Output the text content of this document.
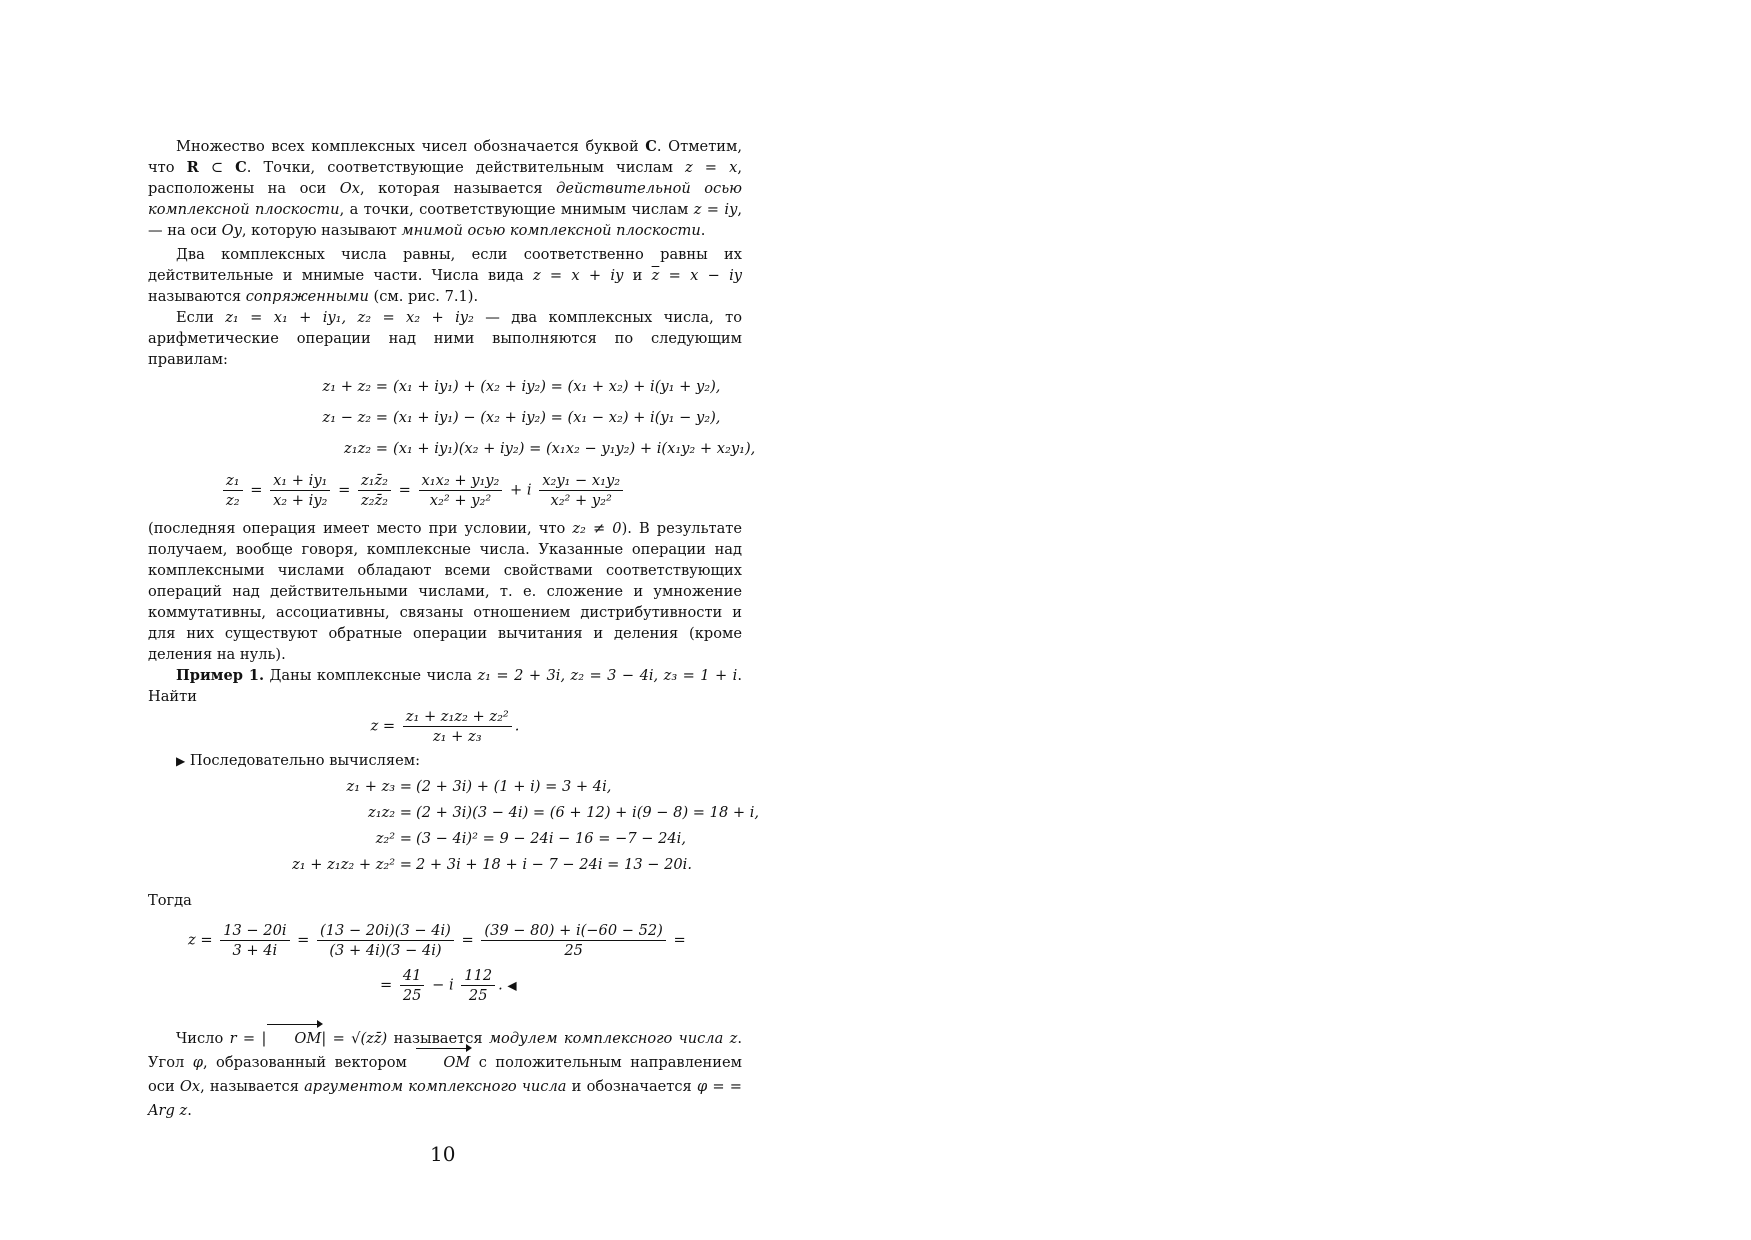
Множество всех комплексных чисел обозначается буквой C. Отметим, что R ⊂ C. Точки, соответствующие действительным числам z = x, расположены на оси Ox, которая называется действительной осью комплексной плоскости, а точки, соответствующие мнимым числам z = iy, — на оси Oy, которую называют мнимой осью комплексной плоскости.

Два комплексных числа равны, если соответственно равны их действительные и мнимые части. Числа вида z = x + iy и $\overline{z} = x$ − iy называются сопряженными (см. рис. 7.1).

Если z₁ = x₁ + iy₁, z₂ = x₂ + iy₂ — два комплексных числа, то арифметические операции над ними выполняются по следующим правилам:

z₁ + z₂ = (x₁ + iy₁) + (x₂ + iy₂) = (x₁ + x₂) + i(y₁ + y₂),
z₁ − z₂ = (x₁ + iy₁) − (x₂ + iy₂) = (x₁ − x₂) + i(y₁ − y₂),
z₁z₂ = (x₁ + iy₁)(x₂ + iy₂) = (x₁x₂ − y₁y₂) + i(x₁y₂ + x₂y₁),
$\frac{\text{z₁}}{\text{z₂}} = \frac{\text{x₁ + iy₁}}{\text{x₂ + iy₂}} = \frac{\text{z₁z̄₂}}{\text{z₂z̄₂}} = \frac{\text{x₁x₂ + y₁y₂}}{\text{x₂² + y₂²}} + i \frac{\text{x₂y₁ − x₁y₂}}{\text{x₂² + y₂²}}$

(последняя операция имеет место при условии, что z₂ ≠ 0). В результате получаем, вообще говоря, комплексные числа. Указанные операции над комплексными числами обладают всеми свойствами соответствующих операций над действительными числами, т. е. сложение и умножение коммутативны, ассоциативны, связаны отношением дистрибутивности и для них существуют обратные операции вычитания и деления (кроме деления на нуль).

Пример 1. Даны комплексные числа z₁ = 2 + 3i, z₂ = 3 − 4i, z₃ = 1 + i. Найти

$z = \frac{\text{z₁ + z₁z₂ + z₂²}}{\text{z₁ + z₃}}$ .

▶ Последовательно вычисляем:

z₁ + z₃ = (2 + 3i) + (1 + i) = 3 + 4i,
z₁z₂ = (2 + 3i)(3 − 4i) = (6 + 12) + i(9 − 8) = 18 + i,
z₂² = (3 − 4i)² = 9 − 24i − 16 = −7 − 24i,
z₁ + z₁z₂ + z₂² = 2 + 3i + 18 + i − 7 − 24i = 13 − 20i.

Тогда

$z = \frac{13 - 20i}{3 + 4i} = \frac{(13 - 20i)(3 - 4i)}{(3 + 4i)(3 - 4i)} = \frac{(39 - 80) + i(-60 - 52)}{25}$ =
= $\frac{41}{25} - i \frac{112}{25}$ . ◀

Число r = | OM| = √(zz̄) называется модулем комплексного числа z. Угол φ, образованный вектором OM с положительным направлением оси Ox, называется аргументом комплексного числа и обозначается φ = = Arg z.

10
